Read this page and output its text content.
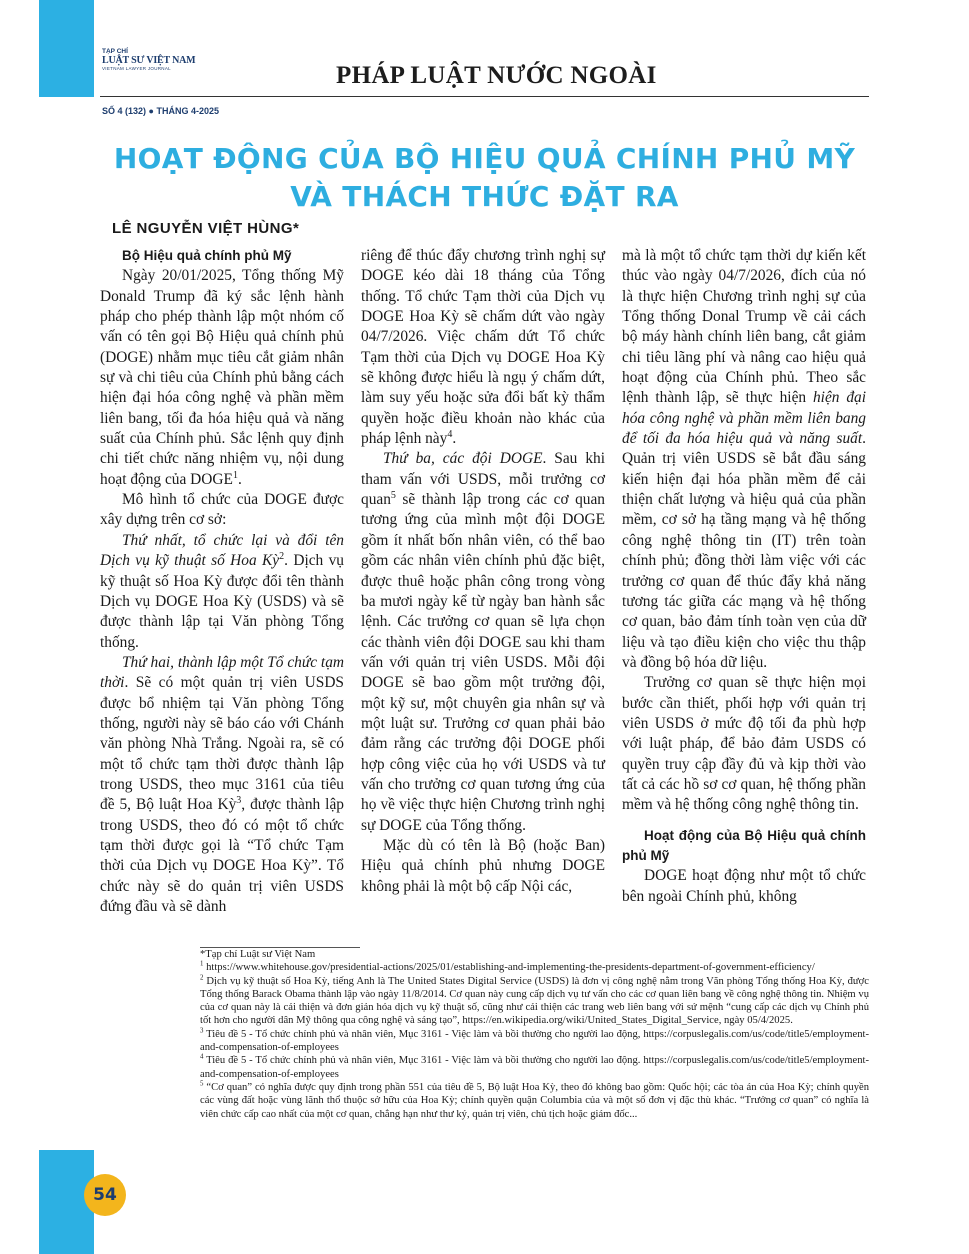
TẠP CHÍ
LUẬT SƯ VIỆT NAM
VIETNAM LAWYER JOURNAL	PHÁP LUẬT NƯỚC NGOÀI
SỐ 4 (132) ● THÁNG 4-2025
HOẠT ĐỘNG CỦA BỘ HIỆU QUẢ CHÍNH PHỦ MỸ
VÀ THÁCH THỨC ĐẶT RA
LÊ NGUYỄN VIỆT HÙNG*

Bộ Hiệu quả chính phủ Mỹ

Ngày 20/01/2025, Tổng thống Mỹ Donald Trump đã ký sắc lệnh hành pháp cho phép thành lập một nhóm cố vấn có tên gọi Bộ Hiệu quả chính phủ (DOGE) nhằm mục tiêu cắt giảm nhân sự và chi tiêu của Chính phủ bằng cách hiện đại hóa công nghệ và phần mềm liên bang, tối đa hóa hiệu quả và năng suất của Chính phủ. Sắc lệnh quy định chi tiết chức năng nhiệm vụ, nội dung hoạt động của DOGE$^1$.

Mô hình tổ chức của DOGE được xây dựng trên cơ sở:

Thứ nhất, tổ chức lại và đổi tên Dịch vụ kỹ thuật số Hoa Kỳ$^2$. Dịch vụ kỹ thuật số Hoa Kỳ được đổi tên thành Dịch vụ DOGE Hoa Kỳ (USDS) và sẽ được thành lập tại Văn phòng Tổng thống.

Thứ hai, thành lập một Tổ chức tạm thời. Sẽ có một quản trị viên USDS được bổ nhiệm tại Văn phòng Tổng thống, người này sẽ báo cáo với Chánh văn phòng Nhà Trắng. Ngoài ra, sẽ có một tổ chức tạm thời được thành lập trong USDS, theo mục 3161 của tiêu đề 5, Bộ luật Hoa Kỳ$^3$, được thành lập trong USDS, theo đó có một tổ chức tạm thời được gọi là “Tổ chức Tạm thời của Dịch vụ DOGE Hoa Kỳ”. Tổ chức này sẽ do quản trị viên USDS đứng đầu và sẽ dành

riêng để thúc đẩy chương trình nghị sự DOGE kéo dài 18 tháng của Tổng thống. Tổ chức Tạm thời của Dịch vụ DOGE Hoa Kỳ sẽ chấm dứt vào ngày 04/7/2026. Việc chấm dứt Tổ chức Tạm thời của Dịch vụ DOGE Hoa Kỳ sẽ không được hiểu là ngụ ý chấm dứt, làm suy yếu hoặc sửa đổi bất kỳ thẩm quyền hoặc điều khoản nào khác của pháp lệnh này$^4$.

Thứ ba, các đội DOGE. Sau khi tham vấn với USDS, mỗi trưởng cơ quan$^5$ sẽ thành lập trong các cơ quan tương ứng của mình một đội DOGE gồm ít nhất bốn nhân viên, có thể bao gồm các nhân viên chính phủ đặc biệt, được thuê hoặc phân công trong vòng ba mươi ngày kể từ ngày ban hành sắc lệnh. Các trưởng cơ quan sẽ lựa chọn các thành viên đội DOGE sau khi tham vấn với quản trị viên USDS. Mỗi đội DOGE sẽ bao gồm một trưởng đội, một kỹ sư, một chuyên gia nhân sự và một luật sư. Trưởng cơ quan phải bảo đảm rằng các trưởng đội DOGE phối hợp công việc của họ với USDS và tư vấn cho trưởng cơ quan tương ứng của họ về việc thực hiện Chương trình nghị sự DOGE của Tổng thống.

Mặc dù có tên là Bộ (hoặc Ban) Hiệu quả chính phủ nhưng DOGE không phải là một bộ cấp Nội các,

mà là một tổ chức tạm thời dự kiến kết thúc vào ngày 04/7/2026, đích của nó là thực hiện Chương trình nghị sự của Tổng thống Donal Trump về cải cách bộ máy hành chính liên bang, cắt giảm chi tiêu lãng phí và nâng cao hiệu quả hoạt động của Chính phủ. Theo sắc lệnh thành lập, sẽ thực hiện hiện đại hóa công nghệ và phần mềm liên bang để tối đa hóa hiệu quả và năng suất. Quản trị viên USDS sẽ bắt đầu sáng kiến hiện đại hóa phần mềm để cải thiện chất lượng và hiệu quả của phần mềm, cơ sở hạ tầng mạng và hệ thống công nghệ thông tin (IT) trên toàn chính phủ; đồng thời làm việc với các trưởng cơ quan để thúc đẩy khả năng tương tác giữa các mạng và hệ thống cơ quan, bảo đảm tính toàn vẹn của dữ liệu và tạo điều kiện cho việc thu thập và đồng bộ hóa dữ liệu.

Trưởng cơ quan sẽ thực hiện mọi bước cần thiết, phối hợp với quản trị viên USDS ở mức độ tối đa phù hợp với luật pháp, để bảo đảm USDS có quyền truy cập đầy đủ và kịp thời vào tất cả các hồ sơ cơ quan, hệ thống phần mềm và hệ thống công nghệ thông tin.

Hoạt động của Bộ Hiệu quả chính phủ Mỹ

DOGE hoạt động như một tổ chức bên ngoài Chính phủ, không

*Tạp chí Luật sư Việt Nam

$^1$ https://www.whitehouse.gov/presidential-actions/2025/01/establishing-and-implementing-the-presidents-department-of-government-efficiency/

$^2$ Dịch vụ kỹ thuật số Hoa Kỳ, tiếng Anh là The United States Digital Service (USDS) là đơn vị công nghệ nằm trong Văn phòng Tổng thống Hoa Kỳ, được Tổng thống Barack Obama thành lập vào ngày 11/8/2014. Cơ quan này cung cấp dịch vụ tư vấn cho các cơ quan liên bang về công nghệ thông tin. Nhiệm vụ của cơ quan này là cải thiện và đơn giản hóa dịch vụ kỹ thuật số, cũng như cải thiện các trang web liên bang với sứ mệnh “cung cấp các dịch vụ Chính phủ tốt hơn cho người dân Mỹ thông qua công nghệ và sáng tạo”, https://en.wikipedia.org/wiki/United_States_Digital_Service, ngày 05/4/2025.

$^3$ Tiêu đề 5 - Tổ chức chính phủ và nhân viên, Mục 3161 - Việc làm và bồi thường cho người lao động, https://corpuslegalis.com/us/code/title5/employment-and-compensation-of-employees

$^4$ Tiêu đề 5 - Tổ chức chính phủ và nhân viên, Mục 3161 - Việc làm và bồi thường cho người lao động. https://corpuslegalis.com/us/code/title5/employment-and-compensation-of-employees

$^5$ “Cơ quan” có nghĩa được quy định trong phần 551 của tiêu đề 5, Bộ luật Hoa Kỳ, theo đó không bao gồm: Quốc hội; các tòa án của Hoa Kỳ; chính quyền các vùng đất hoặc vùng lãnh thổ thuộc sở hữu của Hoa Kỳ; chính quyền quận Columbia của và một số đơn vị đặc thù khác. “Trưởng cơ quan” có nghĩa là viên chức cấp cao nhất của một cơ quan, chẳng hạn như thư ký, quản trị viên, chủ tịch hoặc giám đốc...

54
